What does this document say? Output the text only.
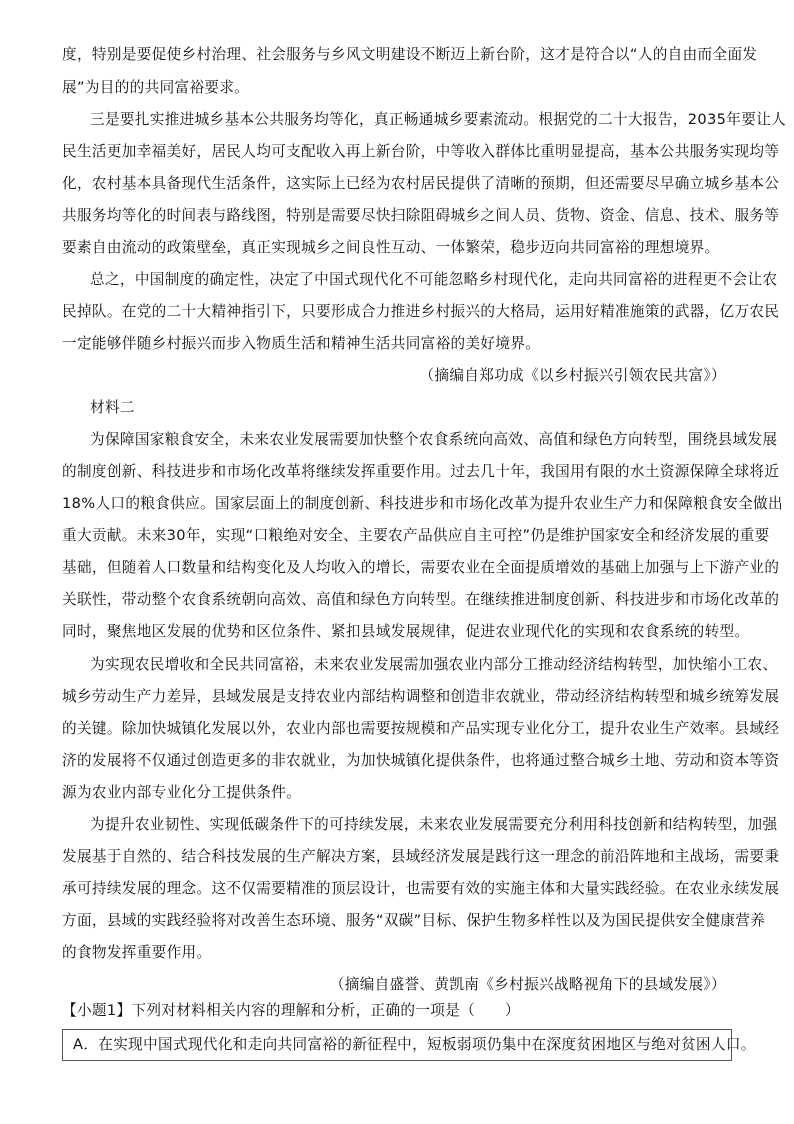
度，特别是要促使乡村治理、社会服务与乡风文明建设不断迈上新台阶，这才是符合以“人的自由而全面发
展”为目的的共同富裕要求。
三是要扎实推进城乡基本公共服务均等化，真正畅通城乡要素流动。根据党的二十大报告，2035年要让人
民生活更加幸福美好，居民人均可支配收入再上新台阶，中等收入群体比重明显提高，基本公共服务实现均等
化，农村基本具备现代生活条件，这实际上已经为农村居民提供了清晰的预期，但还需要尽早确立城乡基本公
共服务均等化的时间表与路线图，特别是需要尽快扫除阻碍城乡之间人员、货物、资金、信息、技术、服务等
要素自由流动的政策壁垒，真正实现城乡之间良性互动、一体繁荣，稳步迈向共同富裕的理想境界。
总之，中国制度的确定性，决定了中国式现代化不可能忽略乡村现代化，走向共同富裕的进程更不会让农
民掉队。在党的二十大精神指引下，只要形成合力推进乡村振兴的大格局，运用好精准施策的武器，亿万农民
一定能够伴随乡村振兴而步入物质生活和精神生活共同富裕的美好境界。
（摘编自郑功成《以乡村振兴引领农民共富》）
材料二
为保障国家粮食安全，未来农业发展需要加快整个农食系统向高效、高值和绿色方向转型，围绕县域发展
的制度创新、科技进步和市场化改革将继续发挥重要作用。过去几十年，我国用有限的水土资源保障全球将近
18%人口的粮食供应。国家层面上的制度创新、科技进步和市场化改革为提升农业生产力和保障粮食安全做出
重大贡献。未来30年，实现“口粮绝对安全、主要农产品供应自主可控”仍是维护国家安全和经济发展的重要
基础，但随着人口数量和结构变化及人均收入的增长，需要农业在全面提质增效的基础上加强与上下游产业的
关联性，带动整个农食系统朝向高效、高值和绿色方向转型。在继续推进制度创新、科技进步和市场化改革的
同时，聚焦地区发展的优势和区位条件、紧扣县域发展规律，促进农业现代化的实现和农食系统的转型。
为实现农民增收和全民共同富裕，未来农业发展需加强农业内部分工推动经济结构转型，加快缩小工农、
城乡劳动生产力差异，县域发展是支持农业内部结构调整和创造非农就业，带动经济结构转型和城乡统筹发展
的关键。除加快城镇化发展以外，农业内部也需要按规模和产品实现专业化分工，提升农业生产效率。县域经
济的发展将不仅通过创造更多的非农就业，为加快城镇化提供条件，也将通过整合城乡土地、劳动和资本等资
源为农业内部专业化分工提供条件。
为提升农业韧性、实现低碳条件下的可持续发展，未来农业发展需要充分利用科技创新和结构转型，加强
发展基于自然的、结合科技发展的生产解决方案，县域经济发展是践行这一理念的前沿阵地和主战场，需要秉
承可持续发展的理念。这不仅需要精准的顶层设计，也需要有效的实施主体和大量实践经验。在农业永续发展
方面，县域的实践经验将对改善生态环境、服务“双碳”目标、保护生物多样性以及为国民提供安全健康营养
的食物发挥重要作用。
（摘编自盛誉、黄凯南《乡村振兴战略视角下的县域发展》）
【小题1】下列对材料相关内容的理解和分析，正确的一项是（　　）
A．在实现中国式现代化和走向共同富裕的新征程中，短板弱项仍集中在深度贫困地区与绝对贫困人口。
